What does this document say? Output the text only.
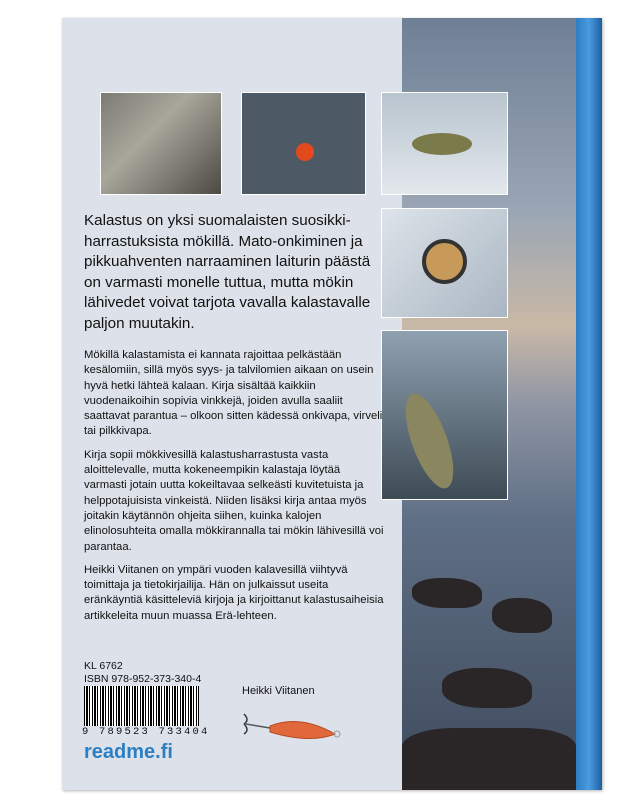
Kalastus on yksi suomalaisten suosikki-harrastuksista mökillä. Mato-onkiminen ja pikkuahventen narraaminen laiturin päästä on varmasti monelle tuttua, mutta mökin lähivedet voivat tarjota vavalla kalastavalle paljon muutakin.

Mökillä kalastamista ei kannata rajoittaa pelkästään kesälomiin, sillä myös syys- ja talvilomien aikaan on usein hyvä hetki lähteä kalaan. Kirja sisältää kaikkiin vuodenaikoihin sopivia vinkkejä, joiden avulla saaliit saattavat parantua – olkoon sitten kädessä onkivapa, virveli tai pilkkivapa.

Kirja sopii mökkivesillä kalastusharrastusta vasta aloittelevalle, mutta kokeneempikin kalastaja löytää varmasti jotain uutta kokeiltavaa selkeästi kuvitetuista ja helppotajuisista vinkeistä. Niiden lisäksi kirja antaa myös joitakin käytännön ohjeita siihen, kuinka kalojen elinolosuhteita omalla mökkirannalla tai mökin lähivesillä voi parantaa.

Heikki Viitanen on ympäri vuoden kalavesillä viihtyvä toimittaja ja tietokirjailija. Hän on julkaissut useita eränkäyntiä käsitteleviä kirjoja ja kirjoittanut kalastusaiheisia artikkeleita muun muassa Erä-lehteen.

KL 6762
ISBN 978-952-373-340-4
9 789523 733404
readme.fi
Heikki Viitanen
